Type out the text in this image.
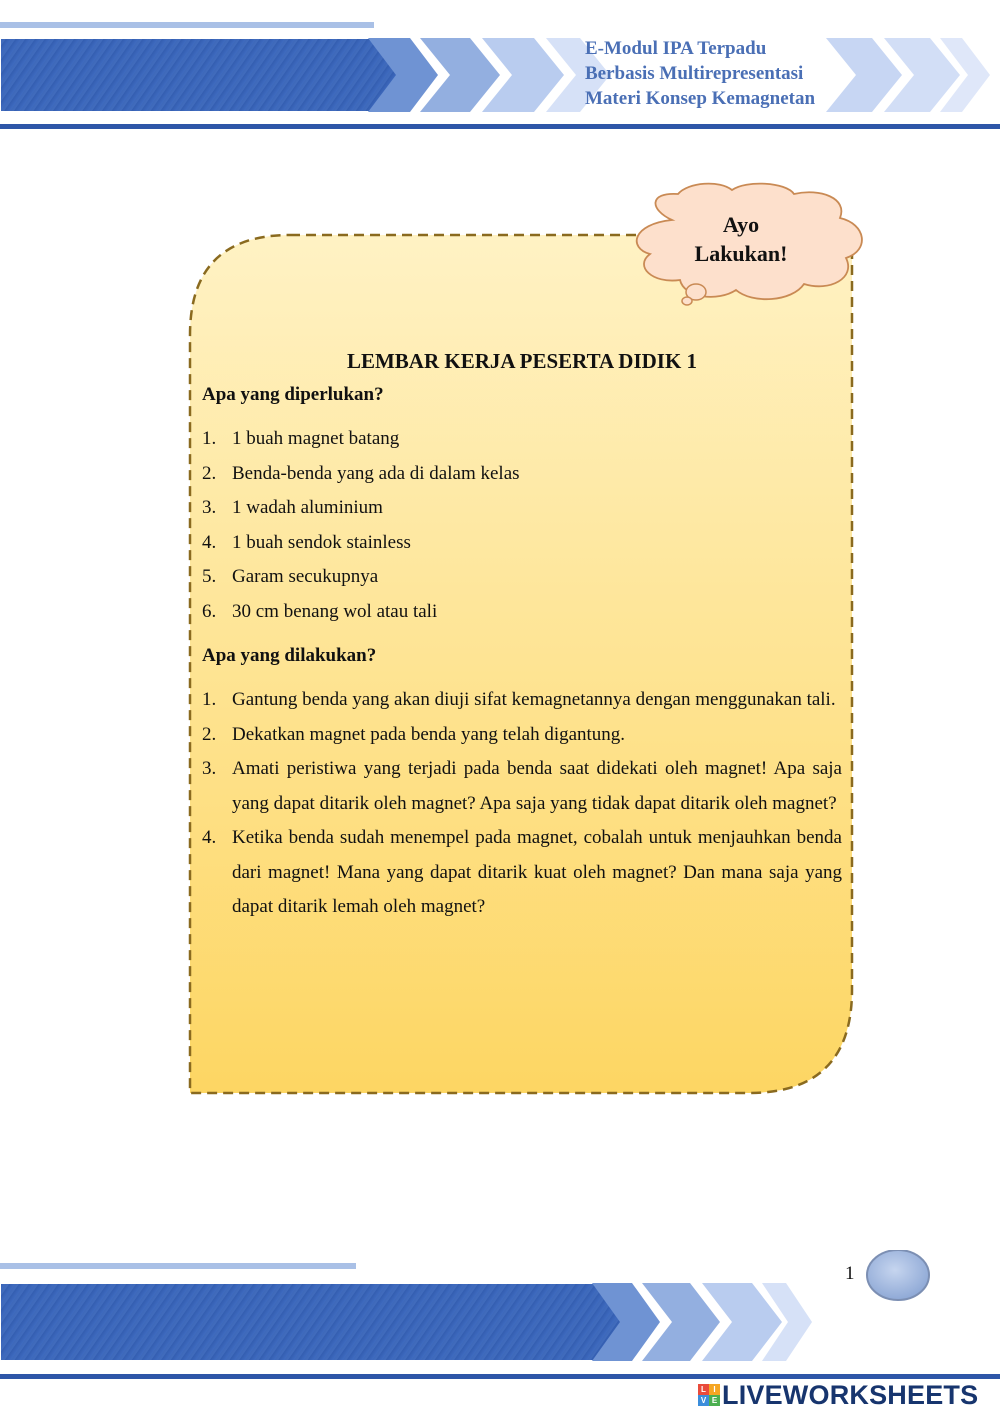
E-Modul IPA Terpadu
Berbasis Multirepresentasi
Materi Konsep Kemagnetan
Ayo
Lakukan!
LEMBAR KERJA PESERTA DIDIK 1
Apa yang diperlukan?
1. 1 buah magnet batang
2. Benda-benda yang ada di dalam kelas
3. 1 wadah aluminium
4. 1 buah sendok stainless
5. Garam secukupnya
6. 30 cm benang wol atau tali
Apa yang dilakukan?
1. Gantung benda yang akan diuji sifat kemagnetannya dengan menggunakan tali.
2. Dekatkan magnet pada benda yang telah digantung.
3. Amati peristiwa yang terjadi pada benda saat didekati oleh magnet! Apa saja yang dapat ditarik oleh magnet? Apa saja yang tidak dapat ditarik oleh magnet?
4. Ketika benda sudah menempel pada magnet, cobalah untuk menjauhkan benda dari magnet! Mana yang dapat ditarik kuat oleh magnet? Dan mana saja yang dapat ditarik lemah oleh magnet?
1
L I
V E LIVEWORKSHEETS
